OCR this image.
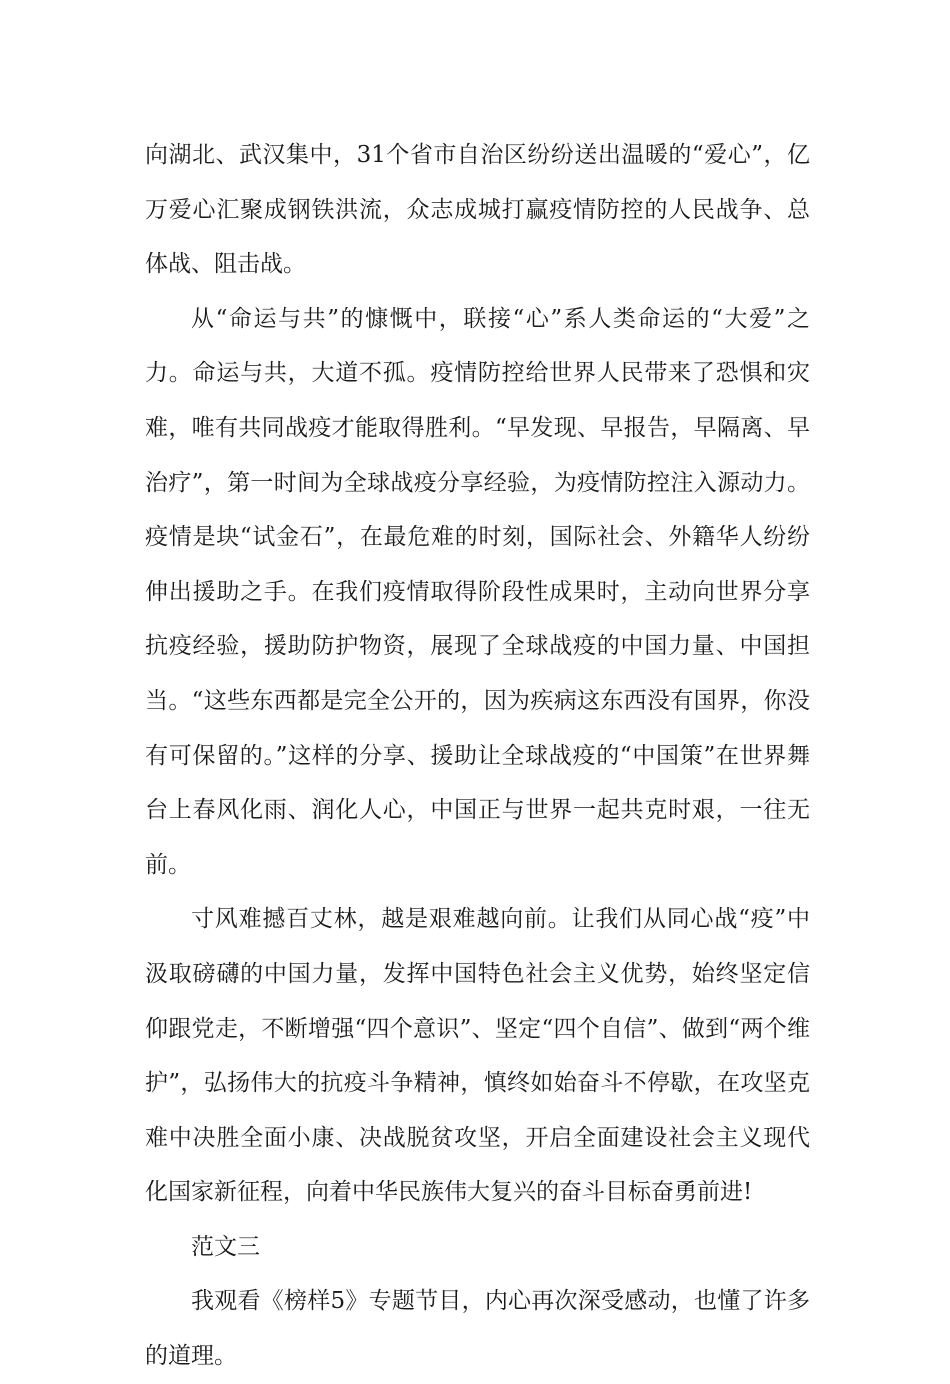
向湖北、武汉集中，31个省市自治区纷纷送出温暖的“爱心”，亿万爱心汇聚成钢铁洪流，众志成城打赢疫情防控的人民战争、总体战、阻击战。

从“命运与共”的慷慨中，联接“心”系人类命运的“大爱”之力。命运与共，大道不孤。疫情防控给世界人民带来了恐惧和灾难，唯有共同战疫才能取得胜利。“早发现、早报告，早隔离、早治疗”，第一时间为全球战疫分享经验，为疫情防控注入源动力。疫情是块“试金石”，在最危难的时刻，国际社会、外籍华人纷纷伸出援助之手。在我们疫情取得阶段性成果时，主动向世界分享抗疫经验，援助防护物资，展现了全球战疫的中国力量、中国担当。“这些东西都是完全公开的，因为疾病这东西没有国界，你没有可保留的。”这样的分享、援助让全球战疫的“中国策”在世界舞台上春风化雨、润化人心，中国正与世界一起共克时艰，一往无前。

寸风难撼百丈林，越是艰难越向前。让我们从同心战“疫”中汲取磅礴的中国力量，发挥中国特色社会主义优势，始终坚定信仰跟党走，不断增强“四个意识”、坚定“四个自信”、做到“两个维护”，弘扬伟大的抗疫斗争精神，慎终如始奋斗不停歇，在攻坚克难中决胜全面小康、决战脱贫攻坚，开启全面建设社会主义现代化国家新征程，向着中华民族伟大复兴的奋斗目标奋勇前进!

范文三

我观看《榜样5》专题节目，内心再次深受感动，也懂了许多的道理。
